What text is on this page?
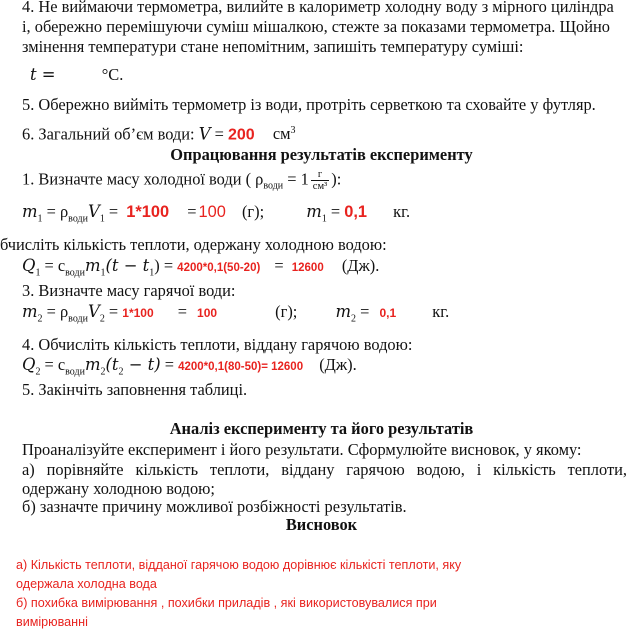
4. Не виймаючи термометра, вилийте в калориметр холодну воду з мірного циліндра
і, обережно перемішуючи суміш мішалкою, стежте за показами термометра. Щойно
змінення температури стане непомітним, запишіть температуру суміші:
t =	°C.
5. Обережно вийміть термометр із води, протріть серветкою та сховайте у футляр.
6. Загальний об’єм води: V = 200 $см^3$
Опрацювання результатів експерименту
1. Визначте масу холодної води ( $\rho_{води} = 1 \frac{г}{\text{см³}}$ ):
$m_1 = \rho_{води}V_1 = 1*100 = 100$ (г);	$m_1 = 0,1$ кг.
бчисліть кількість теплоти, одержану холодною водою:
$Q_1 = c_{води}m_1(t - t_1) = 4200*0,1(50-20) = 12600$ (Дж).
3. Визначте масу гарячої води:
$m_2 = \rho_{води}V_2 = 1*100 = 100$	(г); $m_2 = 0,1$ кг.
4. Обчисліть кількість теплоти, віддану гарячою водою:
$Q_2 = c_{води}m_2(t_2 - t) = 4200*0,1(80-50)= 12600$ (Дж).
5. Закінчіть заповнення таблиці.
Аналіз експерименту та його результатів
Проаналізуйте експеримент і його результати. Сформулюйте висновок, у якому:
а) порівняйте кількість теплоти, віддану гарячою водою, і кількість теплоти,
одержану холодною водою;
б) зазначте причину можливої розбіжності результатів.
Висновок
а) Кількість теплоти, відданої гарячою водою дорівнює кількісті теплоти, яку
одержала холодна вода
б) похибка вимірювання , похибки приладів , які використовувалися при
вимірюванні
